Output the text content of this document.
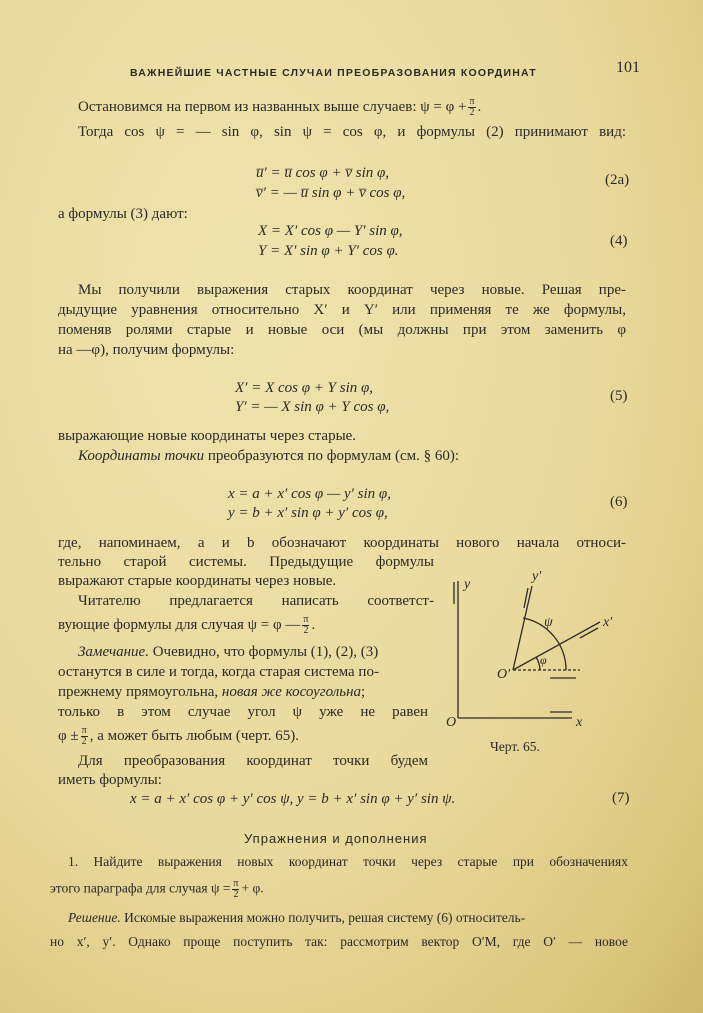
ВАЖНЕЙШИЕ ЧАСТНЫЕ СЛУЧАИ ПРЕОБРАЗОВАНИЯ КООРДИНАТ	101
Остановимся на первом из названных выше случаев: $\psi = \varphi + \frac{\pi}{2}$ .
Тогда cos ψ = — sin φ, sin ψ = cos φ, и формулы (2) принимают вид:
u̅′ = u̅ cos φ + v̅ sin φ,
v̅′ = — u̅ sin φ + v̅ cos φ,
(2a)
а формулы (3) дают:
X = X′ cos φ — Y′ sin φ,
Y = X′ sin φ + Y′ cos φ.
(4)
Мы получили выражения старых координат через новые. Решая пре-
дыдущие уравнения относительно X′ и Y′ или применяя те же формулы,
поменяв ролями старые и новые оси (мы должны при этом заменить φ
на —φ), получим формулы:
X′ = X cos φ + Y sin φ,
Y′ = — X sin φ + Y cos φ,
(5)
выражающие новые координаты через старые.
Координаты точки преобразуются по формулам (см. § 60):
x = a + x′ cos φ — y′ sin φ,
y = b + x′ sin φ + y′ cos φ,
(6)
где, напоминаем, a и b обозначают координаты нового начала относи-
тельно старой системы. Предыдущие формулы
выражают старые координаты через новые.
Читателю предлагается написать соответст-
вующие формулы для случая ψ = φ — $\frac{\pi}{2}$ .
Замечание. Очевидно, что формулы (1), (2), (3)
останутся в силе и тогда, когда старая система по-
прежнему прямоугольна, новая же косоугольна;
только в этом случае угол ψ уже не равен
$\varphi \pm \frac{\pi}{2}$ , а может быть любым (черт. 65).
Для преобразования координат точки будем
иметь формулы:
O
O′
x
y
x′
y′
ψ
φ
Черт. 65.
x = a + x′ cos φ + y′ cos ψ, y = b + x′ sin φ + y′ sin ψ.	(7)
Упражнения и дополнения
1. Найдите выражения новых координат точки через старые при обозначениях
этого параграфа для случая $\psi = \frac{\pi}{2} + \varphi$.
Решение. Искомые выражения можно получить, решая систему (6) относитель-
но x′, y′. Однако проще поступить так: рассмотрим вектор O′M, где O′ — новое
